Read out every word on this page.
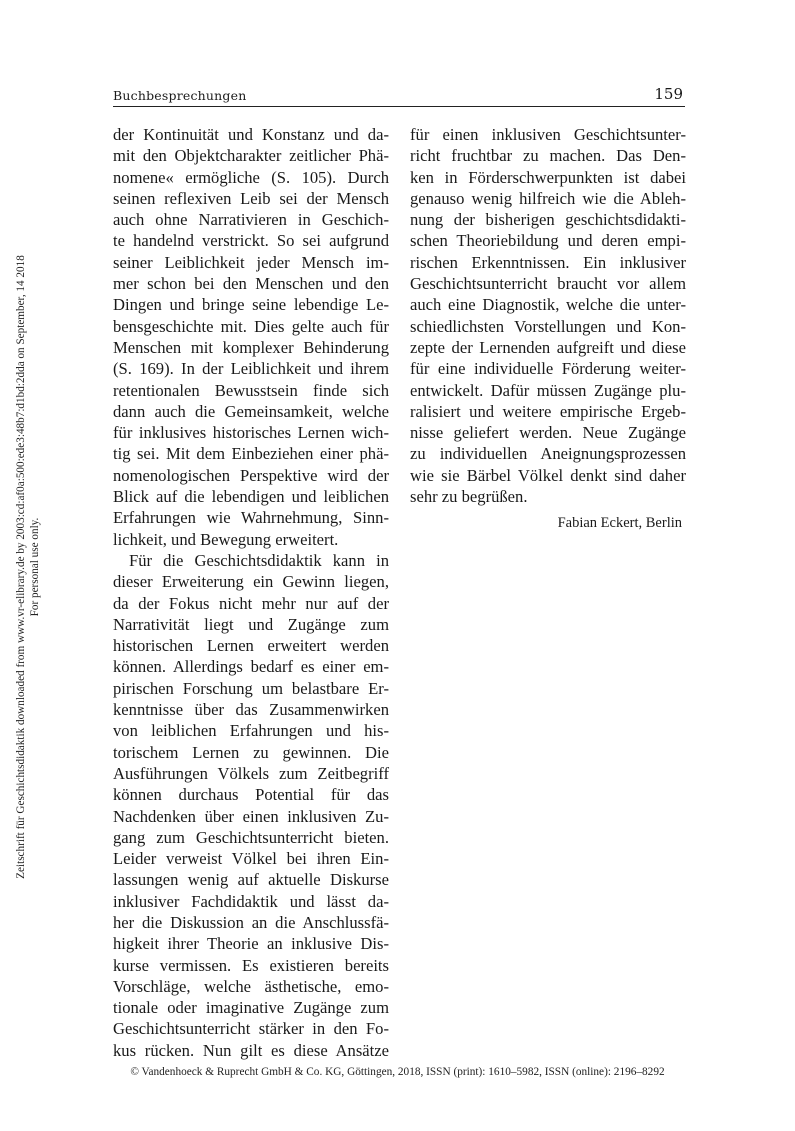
Buchbesprechungen	159
der Kontinuität und Konstanz und da-
mit den Objektcharakter zeitlicher Phä-
nomene« ermögliche (S. 105). Durch
seinen reflexiven Leib sei der Mensch
auch ohne Narrativieren in Geschich-
te handelnd verstrickt. So sei aufgrund
seiner Leiblichkeit jeder Mensch im-
mer schon bei den Menschen und den
Dingen und bringe seine lebendige Le-
bensgeschichte mit. Dies gelte auch für
Menschen mit komplexer Behinderung
(S. 169). In der Leiblichkeit und ihrem
retentionalen Bewusstsein finde sich
dann auch die Gemeinsamkeit, welche
für inklusives historisches Lernen wich-
tig sei. Mit dem Einbeziehen einer phä-
nomenologischen Perspektive wird der
Blick auf die lebendigen und leiblichen
Erfahrungen wie Wahrnehmung, Sinn-
lichkeit, und Bewegung erweitert.
Für die Geschichtsdidaktik kann in
dieser Erweiterung ein Gewinn liegen,
da der Fokus nicht mehr nur auf der
Narrativität liegt und Zugänge zum
historischen Lernen erweitert werden
können. Allerdings bedarf es einer em-
pirischen Forschung um belastbare Er-
kenntnisse über das Zusammenwirken
von leiblichen Erfahrungen und his-
torischem Lernen zu gewinnen. Die
Ausführungen Völkels zum Zeitbegriff
können durchaus Potential für das
Nachdenken über einen inklusiven Zu-
gang zum Geschichtsunterricht bieten.
Leider verweist Völkel bei ihren Ein-
lassungen wenig auf aktuelle Diskurse
inklusiver Fachdidaktik und lässt da-
her die Diskussion an die Anschlussfä-
higkeit ihrer Theorie an inklusive Dis-
kurse vermissen. Es existieren bereits
Vorschläge, welche ästhetische, emo-
tionale oder imaginative Zugänge zum
Geschichtsunterricht stärker in den Fo-
kus rücken. Nun gilt es diese Ansätze
für einen inklusiven Geschichtsunter-
richt fruchtbar zu machen. Das Den-
ken in Förderschwerpunkten ist dabei
genauso wenig hilfreich wie die Ableh-
nung der bisherigen geschichtsdidakti-
schen Theoriebildung und deren empi-
rischen Erkenntnissen. Ein inklusiver
Geschichtsunterricht braucht vor allem
auch eine Diagnostik, welche die unter-
schiedlichsten Vorstellungen und Kon-
zepte der Lernenden aufgreift und diese
für eine individuelle Förderung weiter-
entwickelt. Dafür müssen Zugänge plu-
ralisiert und weitere empirische Ergeb-
nisse geliefert werden. Neue Zugänge
zu individuellen Aneignungsprozessen
wie sie Bärbel Völkel denkt sind daher
sehr zu begrüßen.
Fabian Eckert, Berlin
Zeitschrift für Geschichtsdidaktik downloaded from www.vr-elibrary.de by 2003:cd:af0a:500:ede3:48b7:d1bd:2dda on September, 14 2018 For personal use only.
© Vandenhoeck & Ruprecht GmbH & Co. KG, Göttingen, 2018, ISSN (print): 1610–5982, ISSN (online): 2196–8292
